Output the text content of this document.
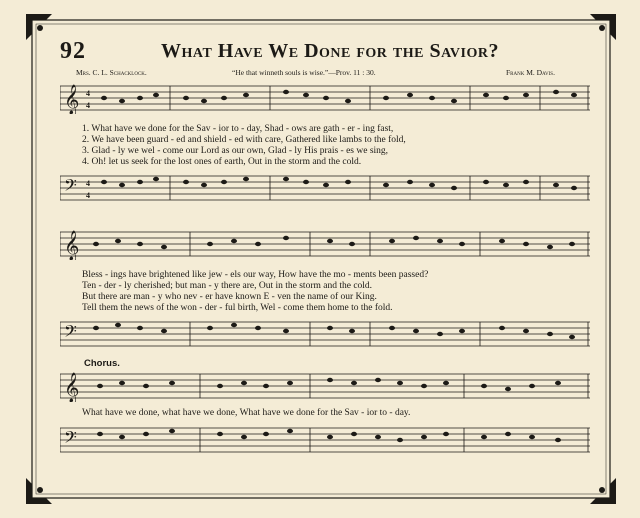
92	What Have We Done for the Savior?
Mrs. C. L. Schacklock.	“He that winneth souls is wise.”—Prov. 11 : 30.	Frank M. Davis.
𝄞 4
4
1. What have we done for the Sav - ior to - day, Shad - ows are gath - er - ing fast,
2. We have been guard - ed and shield - ed with care, Gathered like lambs to the fold,
3. Glad - ly we wel - come our Lord as our own, Glad - ly His prais - es we sing,
4. Oh! let us seek for the lost ones of earth, Out in the storm and the cold.
𝄢 4
4
𝄞
Bless - ings have brightened like jew - els our way, How have the mo - ments been passed?
Ten - der - ly cherished; but man - y there are, Out in the storm and the cold.
But there are man - y who nev - er have known E - ven the name of our King.
Tell them the news of the won - der - ful birth, Wel - come them home to the fold.
𝄢
Chorus.
𝄞
What have we done, what have we done, What have we done for the Sav - ior to - day.
𝄢
